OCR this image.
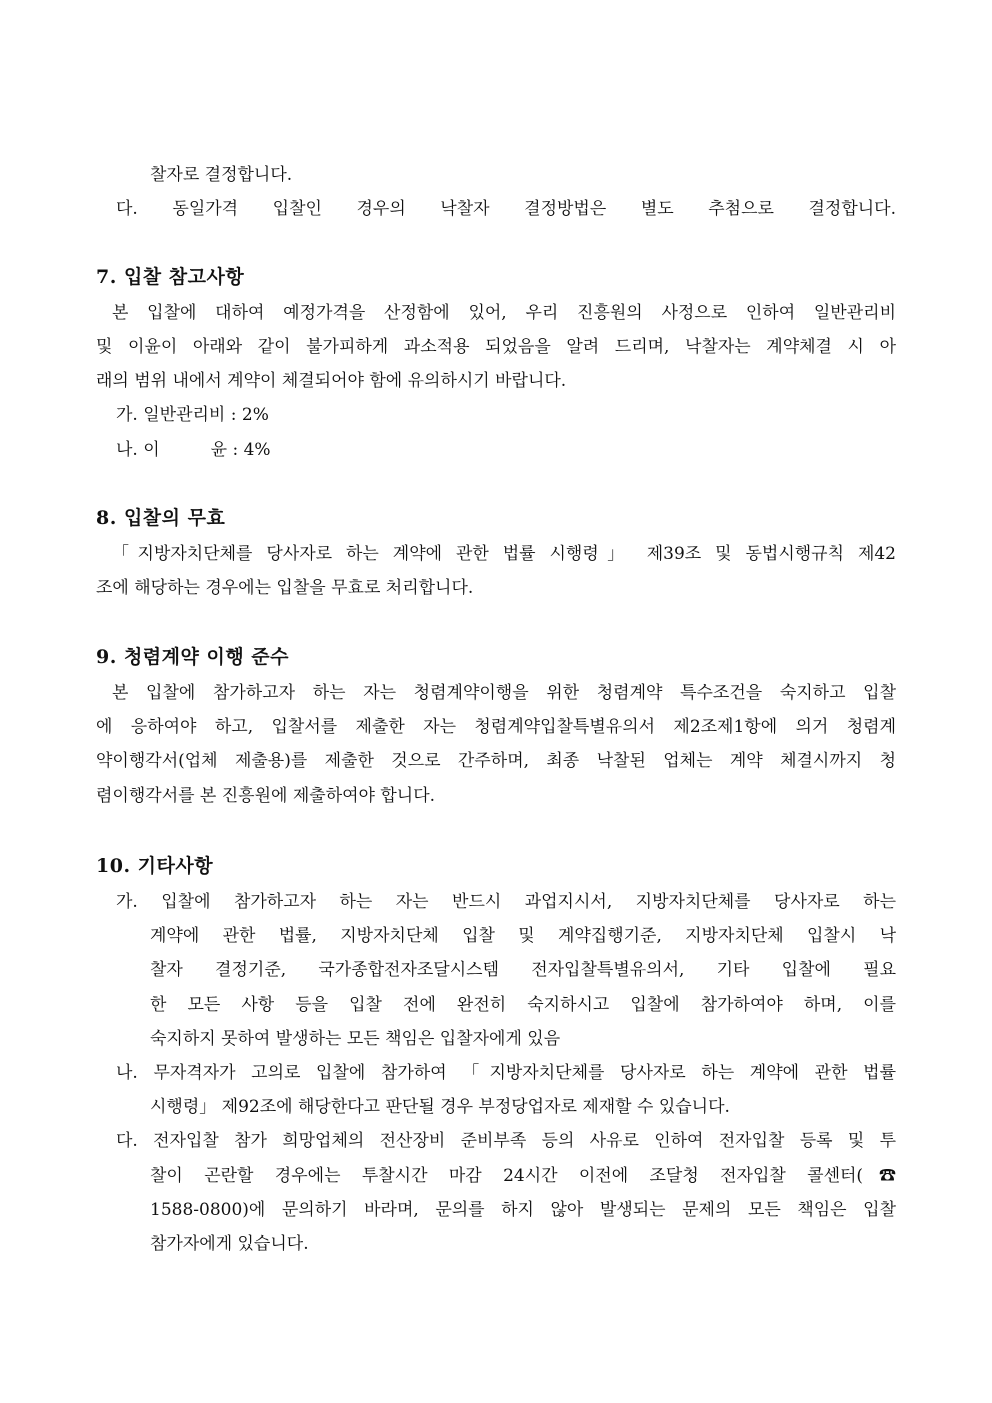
찰자로 결정합니다.
다. 동일가격 입찰인 경우의 낙찰자 결정방법은 별도 추첨으로 결정합니다.
7. 입찰 참고사항
본 입찰에 대하여 예정가격을 산정함에 있어, 우리 진흥원의 사정으로 인하여 일반관리비
및 이윤이 아래와 같이 불가피하게 과소적용 되었음을 알려 드리며, 낙찰자는 계약체결 시 아
래의 범위 내에서 계약이 체결되어야 함에 유의하시기 바랍니다.
가. 일반관리비 : 2%
나. 이　　　윤 : 4%
8. 입찰의 무효
「지방자치단체를 당사자로 하는 계약에 관한 법률 시행령」 제39조 및 동법시행규칙 제42
조에 해당하는 경우에는 입찰을 무효로 처리합니다.
9. 청렴계약 이행 준수
본 입찰에 참가하고자 하는 자는 청렴계약이행을 위한 청렴계약 특수조건을 숙지하고 입찰
에 응하여야 하고, 입찰서를 제출한 자는 청렴계약입찰특별유의서 제2조제1항에 의거 청렴계
약이행각서(업체 제출용)를 제출한 것으로 간주하며, 최종 낙찰된 업체는 계약 체결시까지 청
렴이행각서를 본 진흥원에 제출하여야 합니다.
10. 기타사항
가. 입찰에 참가하고자 하는 자는 반드시 과업지시서, 지방자치단체를 당사자로 하는
계약에 관한 법률, 지방자치단체 입찰 및 계약집행기준, 지방자치단체 입찰시 낙
찰자 결정기준, 국가종합전자조달시스템 전자입찰특별유의서, 기타 입찰에 필요
한 모든 사항 등을 입찰 전에 완전히 숙지하시고 입찰에 참가하여야 하며, 이를
숙지하지 못하여 발생하는 모든 책임은 입찰자에게 있음
나. 무자격자가 고의로 입찰에 참가하여 「지방자치단체를 당사자로 하는 계약에 관한 법률
시행령」 제92조에 해당한다고 판단될 경우 부정당업자로 제재할 수 있습니다.
다. 전자입찰 참가 희망업체의 전산장비 준비부족 등의 사유로 인하여 전자입찰 등록 및 투
찰이 곤란할 경우에는 투찰시간 마감 24시간 이전에 조달청 전자입찰 콜센터(☎
1588-0800)에 문의하기 바라며, 문의를 하지 않아 발생되는 문제의 모든 책임은 입찰
참가자에게 있습니다.
